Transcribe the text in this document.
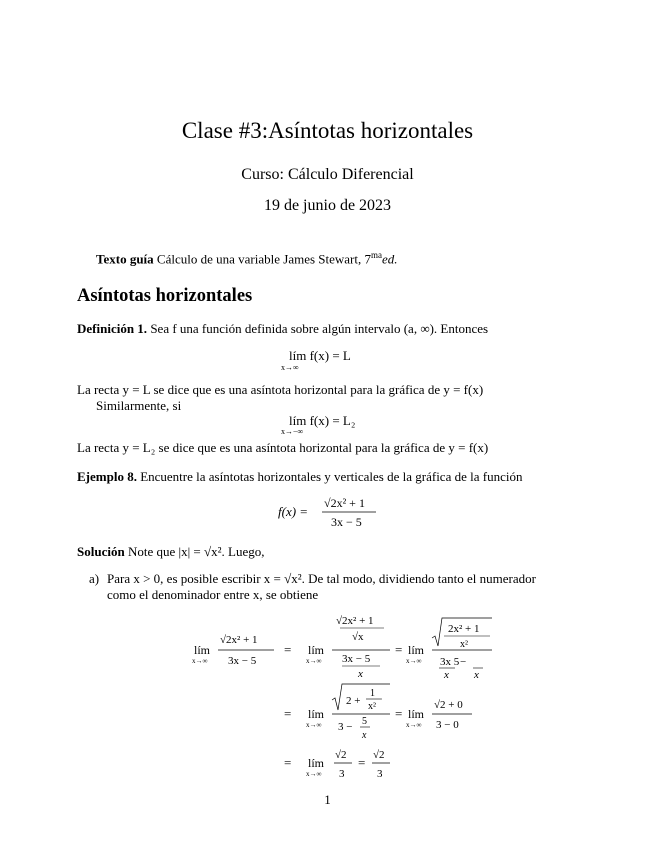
Clase #3:Asíntotas horizontales
Curso: Cálculo Diferencial
19 de junio de 2023
Texto guía Cálculo de una variable James Stewart, $7^{ma}ed$.
Asíntotas horizontales
Definición 1. Sea f una función definida sobre algún intervalo (a, ∞). Entonces
lím f(x) = L
x→∞
La recta y = L se dice que es una asíntota horizontal para la gráfica de y = f(x)
Similarmente, si
lím f(x) = L₂
x→−∞
La recta y = L₂ se dice que es una asíntota horizontal para la gráfica de y = f(x)
Ejemplo 8. Encuentre la asíntotas horizontales y verticales de la gráfica de la función
f(x) =
√2x² + 1
3x − 5
Solución Note que |x| = √x². Luego,
a) Para x > 0, es posible escribir x = √x². De tal modo, dividiendo tanto el numerador
como el denominador entre x, se obtiene
lím
x→∞
√2x² + 1
3x − 5
= lím
x→∞
√2x² + 1
√x
3x − 5
x
= lím
x→∞
2x² + 1
x²
3x 5 −
x x
= lím
x→∞
2 +
1
x²
3 − 5
x
= lím
x→∞
√2 + 0
3 − 0
= lím
x→∞
√2
3
= √2
3
1
